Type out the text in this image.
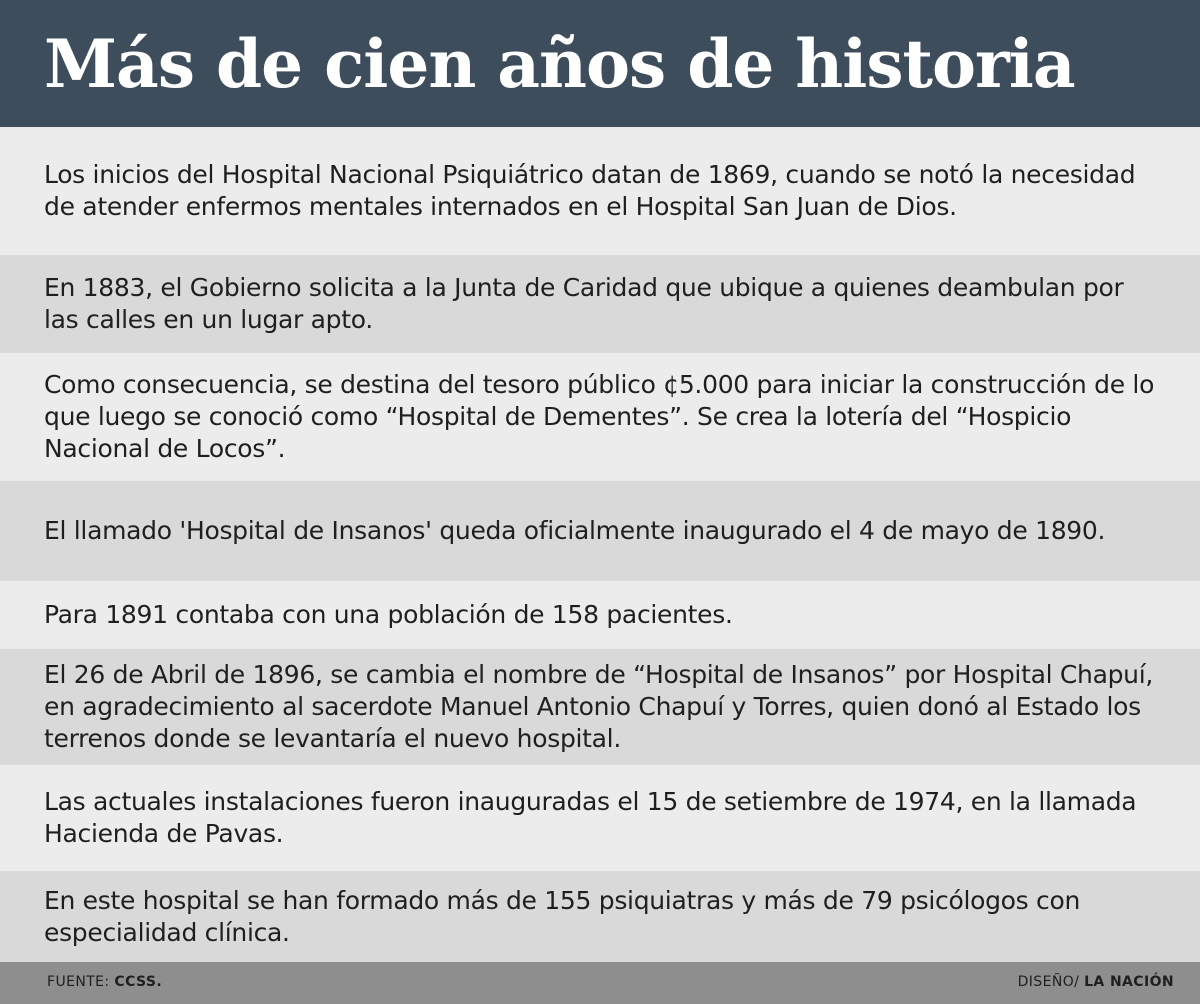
Más de cien años de historia
Los inicios del Hospital Nacional Psiquiátrico datan de 1869, cuando se notó la necesidad de atender enfermos mentales internados en el Hospital San Juan de Dios.
En 1883, el Gobierno solicita a la Junta de Caridad que ubique a quienes deambulan por las calles en un lugar apto.
Como consecuencia, se destina del tesoro público ¢5.000 para iniciar la construcción de lo que luego se conoció como “Hospital de Dementes”. Se crea la lotería del “Hospicio Nacional de Locos”.
El llamado 'Hospital de Insanos' queda oficialmente inaugurado el 4 de mayo de 1890.
Para 1891 contaba con una población de 158 pacientes.
El 26 de Abril de 1896, se cambia el nombre de “Hospital de Insanos” por Hospital Chapuí, en agradecimiento al sacerdote Manuel Antonio Chapuí y Torres, quien donó al Estado los terrenos donde se levantaría el nuevo hospital.
Las actuales instalaciones fueron inauguradas el 15 de setiembre de 1974, en la llamada Hacienda de Pavas.
En este hospital se han formado más de 155 psiquiatras y más de 79 psicólogos con especialidad clínica.
FUENTE: CCSS.	DISEÑO/ LA NACIÓN
